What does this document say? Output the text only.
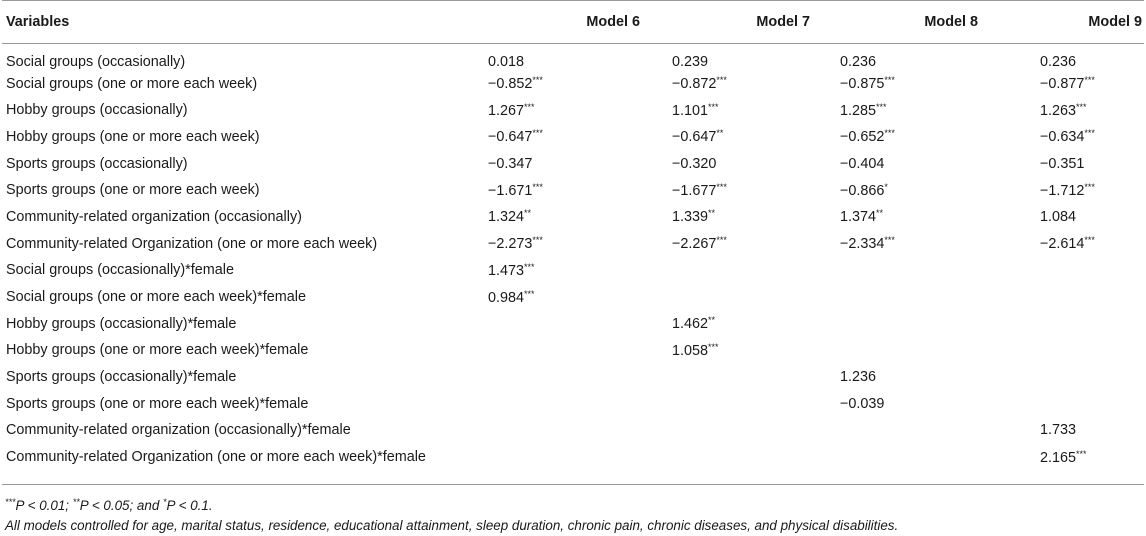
Variables	Model 6	Model 7	Model 8	Model 9
Social groups (occasionally)	0.018	0.239	0.236	0.236
Social groups (one or more each week)	−0.852***	−0.872***	−0.875***	−0.877***
Hobby groups (occasionally)	1.267***	1.101***	1.285***	1.263***
Hobby groups (one or more each week)	−0.647***	−0.647**	−0.652***	−0.634***
Sports groups (occasionally)	−0.347	−0.320	−0.404	−0.351
Sports groups (one or more each week)	−1.671***	−1.677***	−0.866*	−1.712***
Community-related organization (occasionally)	1.324**	1.339**	1.374**	1.084
Community-related Organization (one or more each week)	−2.273***	−2.267***	−2.334***	−2.614***
Social groups (occasionally)*female	1.473***			
Social groups (one or more each week)*female	0.984***			
Hobby groups (occasionally)*female		1.462**		
Hobby groups (one or more each week)*female		1.058***		
Sports groups (occasionally)*female			1.236	
Sports groups (one or more each week)*female			−0.039	
Community-related organization (occasionally)*female				1.733
Community-related Organization (one or more each week)*female				2.165***
***P < 0.01; **P < 0.05; and *P < 0.1.
All models controlled for age, marital status, residence, educational attainment, sleep duration, chronic pain, chronic diseases, and physical disabilities.
